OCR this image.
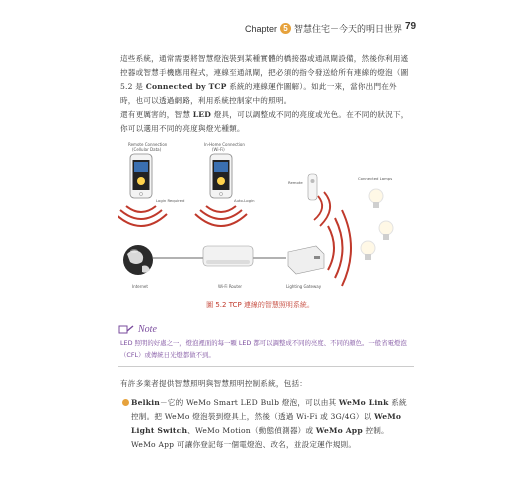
Chapter 5 智慧住宅－今天的明日世界 79

這些系統，通常需要將智慧燈泡裝到某種實體的橋接器或通訊閘設備，然後你利用遙控器或智慧手機應用程式，連線至通訊閘，把必須的指令發送給所有連線的燈泡（圖 5.2 是 Connected by TCP 系統的連線運作圖解）。如此一來，當你出門在外時，也可以透過網路，利用系統控制家中的照明。

還有更厲害的，智慧 LED 燈具，可以調整成不同的亮度或光色。在不同的狀況下，你可以選用不同的亮度與燈光種類。

Remote Connection
(Cellular Data)
In-Home Connection
(Wi-Fi)
Login Required	Auto-Login
Internet	Wi-Fi Router	Lighting Gateway
Remote
Connected Lamps
圖 5.2 TCP 連線的智慧照明系統。
Note

LED 照明的好處之一，燈泡裡面的每一顆 LED 都可以調整成不同的亮度、不同的顏色。一般省電燈泡（CFL）或傳統日光燈都做不到。

有許多業者提供智慧照明與智慧照明控制系統，包括：

Belkin－它的 WeMo Smart LED Bulb 燈泡，可以由其 WeMo Link 系統控制。把 WeMo 燈泡裝到燈具上，然後（透過 Wi-Fi 或 3G/4G）以 WeMo Light Switch、WeMo Motion（動態偵測器）或 WeMo App 控制。WeMo App 可讓你登記每一個電燈泡、改名，並設定運作規則。
